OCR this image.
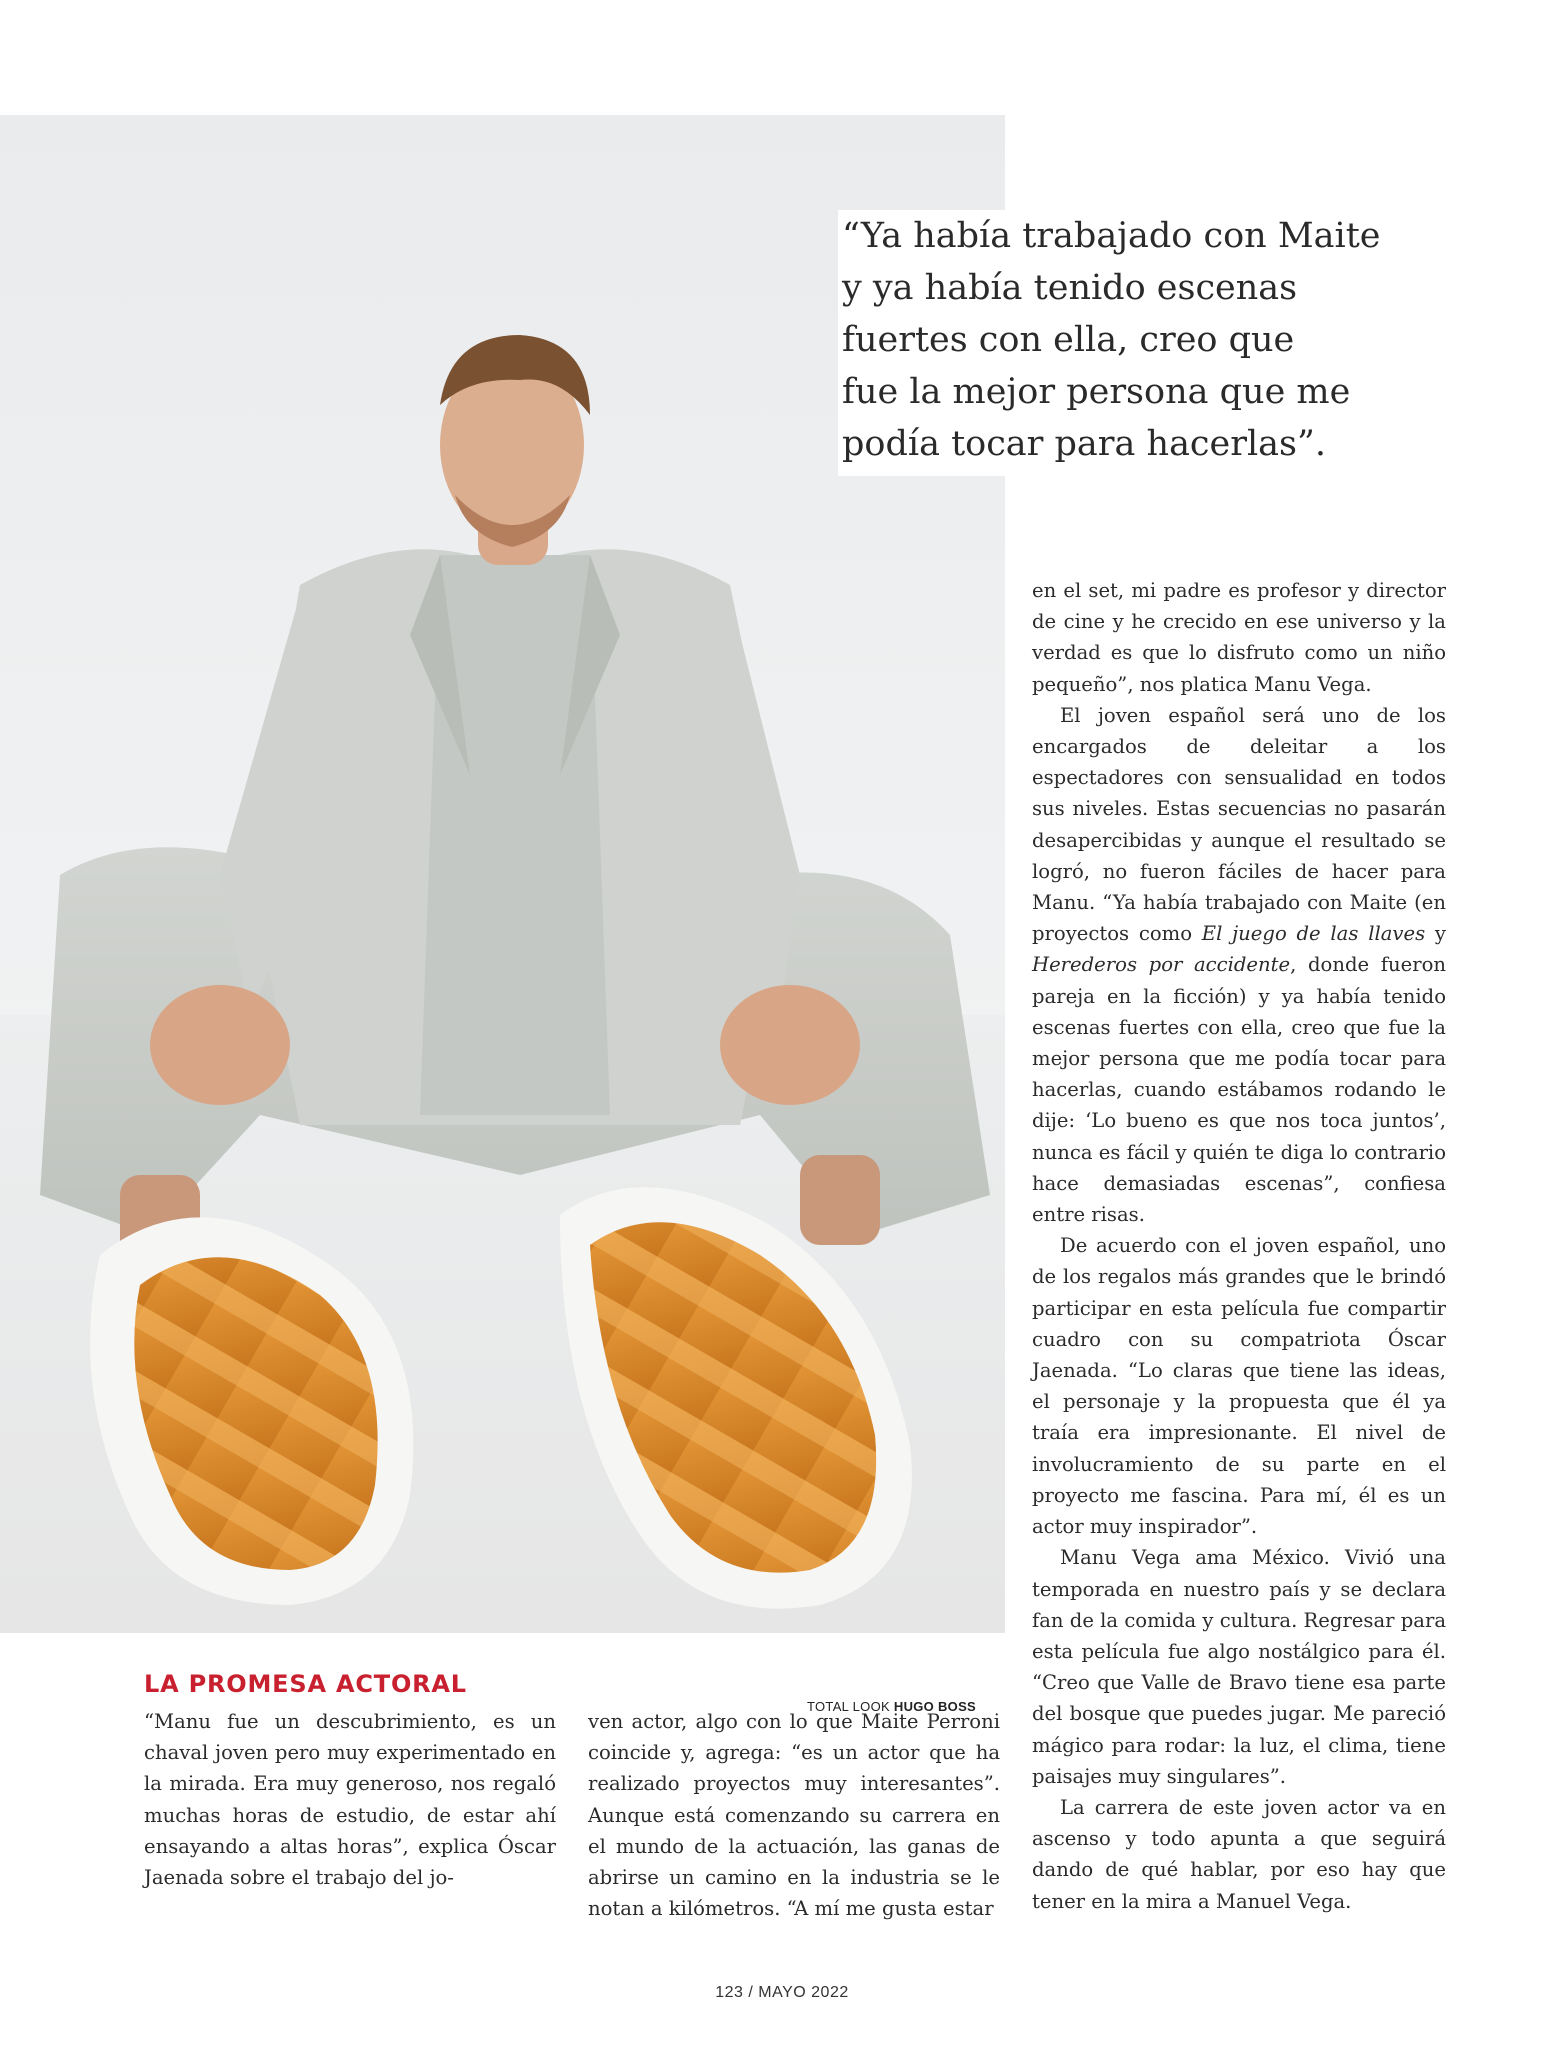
TOTAL LOOK HUGO BOSS
“Ya había trabajado con Maite
y ya había tenido escenas
fuertes con ella, creo que
fue la mejor persona que me
podía tocar para hacerlas”.

en el set, mi padre es profesor y director de cine y he crecido en ese universo y la verdad es que lo disfruto como un niño pequeño”, nos platica Manu Vega.

El joven español será uno de los encargados de deleitar a los espectadores con sensualidad en todos sus niveles. Estas secuencias no pasarán desapercibidas y aunque el resultado se logró, no fueron fáciles de hacer para Manu. “Ya había trabajado con Maite (en proyectos como El juego de las llaves y Herederos por accidente, donde fueron pareja en la ficción) y ya había tenido escenas fuertes con ella, creo que fue la mejor persona que me podía tocar para hacerlas, cuando estábamos rodando le dije: ‘Lo bueno es que nos toca juntos’, nunca es fácil y quién te diga lo contrario hace demasiadas escenas”, confiesa entre risas.

De acuerdo con el joven español, uno de los regalos más grandes que le brindó participar en esta película fue compartir cuadro con su compatriota Óscar Jaenada. “Lo claras que tiene las ideas, el personaje y la propuesta que él ya traía era impresionante. El nivel de involucramiento de su parte en el proyecto me fascina. Para mí, él es un actor muy inspirador”.

Manu Vega ama México. Vivió una temporada en nuestro país y se declara fan de la comida y cultura. Regresar para esta película fue algo nostálgico para él. “Creo que Valle de Bravo tiene esa parte del bosque que puedes jugar. Me pareció mágico para rodar: la luz, el clima, tiene paisajes muy singulares”.

La carrera de este joven actor va en ascenso y todo apunta a que seguirá dando de qué hablar, por eso hay que tener en la mira a Manuel Vega.

LA PROMESA ACTORAL

“Manu fue un descubrimiento, es un chaval joven pero muy experimentado en la mirada. Era muy generoso, nos regaló muchas horas de estudio, de estar ahí ensayando a altas horas”, explica Óscar Jaenada sobre el trabajo del jo-

ven actor, algo con lo que Maite Perroni coincide y, agrega: “es un actor que ha realizado proyectos muy interesantes”. Aunque está comenzando su carrera en el mundo de la actuación, las ganas de abrirse un camino en la industria se le notan a kilómetros. “A mí me gusta estar

123 / MAYO 2022
